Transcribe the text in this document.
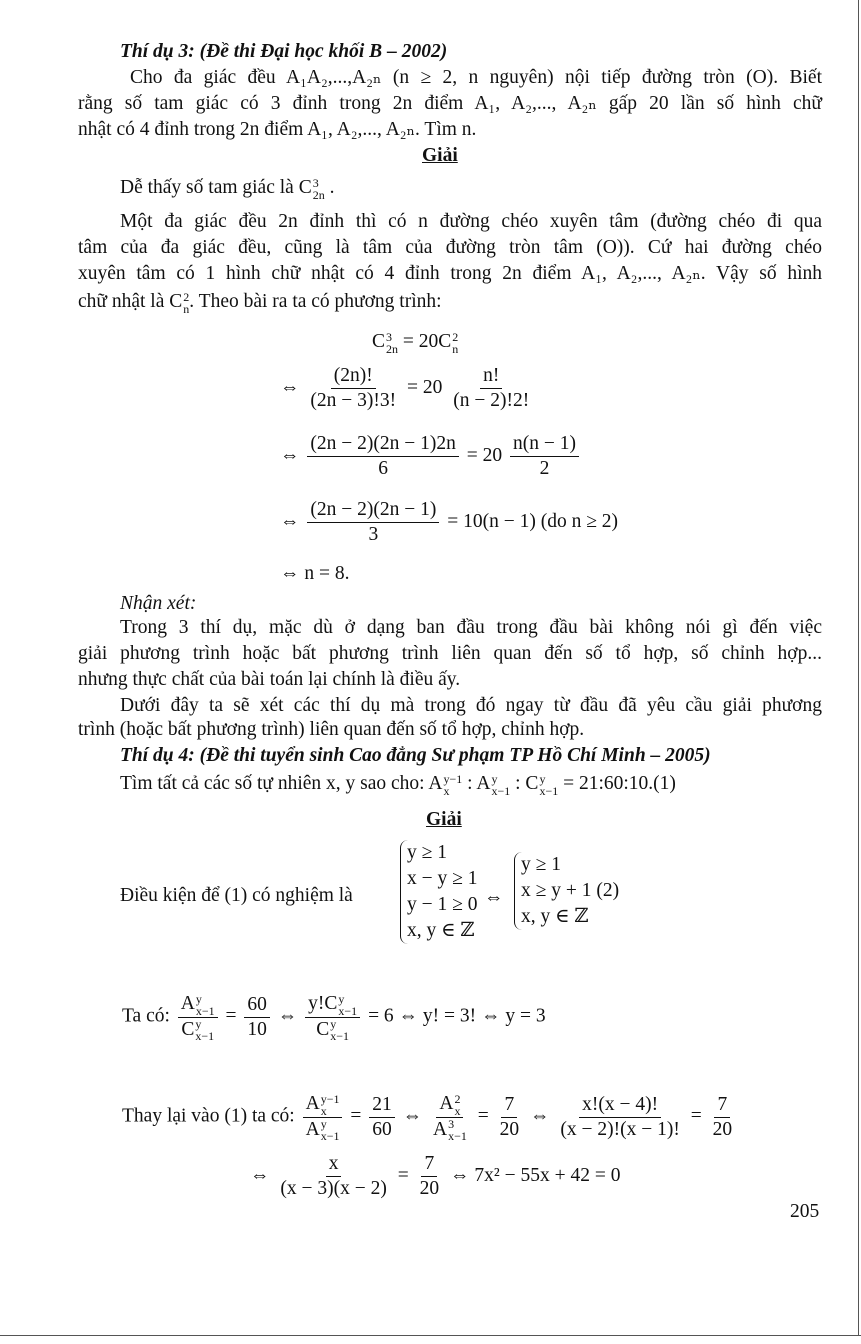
Thí dụ 3: (Đề thi Đại học khối B – 2002)
Cho đa giác đều A₁A₂,...,A₂ₙ (n ≥ 2, n nguyên) nội tiếp đường tròn (O). Biết
rằng số tam giác có 3 đỉnh trong 2n điểm A₁, A₂,..., A₂ₙ gấp 20 lần số hình chữ
nhật có 4 đỉnh trong 2n điểm A₁, A₂,..., A₂ₙ. Tìm n.
Giải
Dễ thấy số tam giác là C 3
2n .
Một đa giác đều 2n đỉnh thì có n đường chéo xuyên tâm (đường chéo đi qua
tâm của đa giác đều, cũng là tâm của đường tròn tâm (O)). Cứ hai đường chéo
xuyên tâm có 1 hình chữ nhật có 4 đỉnh trong 2n điểm A₁, A₂,..., A₂ₙ. Vậy số hình
chữ nhật là C 2
n . Theo bài ra ta có phương trình:
C 3
2n = 20C 2
n
⇔ $\frac{(2n)!}{(2n - 3)!3!} = 20 \frac{n!}{(n - 2)!2!}$
⇔ $\frac{(2n - 2)(2n - 1)2n}{6} = 20 \frac{n(n - 1)}{2}$
⇔ $\frac{(2n - 2)(2n - 1)}{3} = 10(n - 1)$ (do n ≥ 2)
⇔ n = 8.
Nhận xét:
Trong 3 thí dụ, mặc dù ở dạng ban đầu trong đầu bài không nói gì đến việc
giải phương trình hoặc bất phương trình liên quan đến số tổ hợp, số chỉnh hợp...
nhưng thực chất của bài toán lại chính là điều ấy.
Dưới đây ta sẽ xét các thí dụ mà trong đó ngay từ đầu đã yêu cầu giải phương
trình (hoặc bất phương trình) liên quan đến số tổ hợp, chỉnh hợp.
Thí dụ 4: (Đề thi tuyển sinh Cao đẳng Sư phạm TP Hồ Chí Minh – 2005)
Tìm tất cả các số tự nhiên x, y sao cho: A y−1
x : A y
x−1 : C y
x−1 = 21:60:10.(1)
Giải
Điều kiện để (1) có nghiệm là
y ≥ 1
x − y ≥ 1
y − 1 ≥ 0
x, y ∈ ℤ
⇔
y ≥ 1
x ≥ y + 1 (2)
x, y ∈ ℤ
Ta có: A y
x−1
C y
$x-1 = \frac{60}{10}$ ⇔ y!C y
x−1
C y
x−1 = 6 ⇔ y! = 3! ⇔ y = 3
Thay lại vào (1) ta có: A y−1
x
A y
$x-1 = \frac{21}{60}$ ⇔ A 2
x
A 3
$x-1 = \frac{7}{20}$ ⇔ $\frac{x!(x - 4)!}{(x - 2)!(x - 1)!} = \frac{7}{20}$
⇔ $\frac{x}{(x - 3)(x - 2)} = \frac{7}{20}$ ⇔ 7x² − 55x + 42 = 0
205
